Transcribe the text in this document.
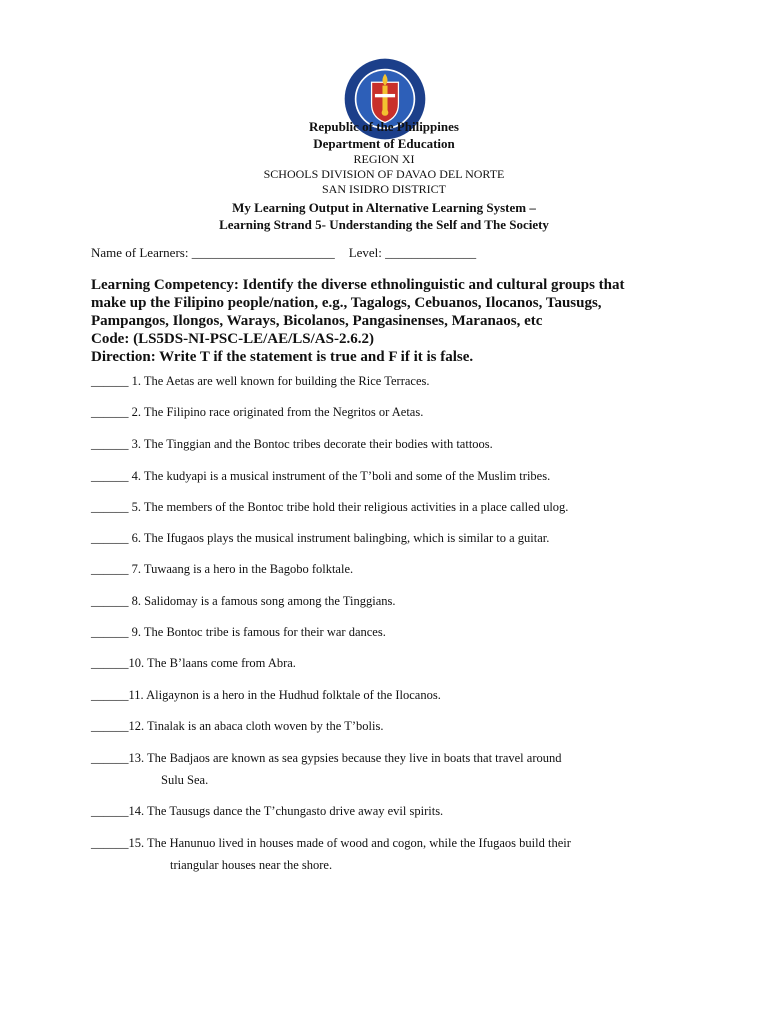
Republic of the Philippines
Department of Education
REGION XI
SCHOOLS DIVISION OF DAVAO DEL NORTE
SAN ISIDRO DISTRICT
My Learning Output in Alternative Learning System –
Learning Strand 5- Understanding the Self and The Society
Name of Learners: ______________________ Level: ______________
Learning Competency: Identify the diverse ethnolinguistic and cultural groups that
make up the Filipino people/nation, e.g., Tagalogs, Cebuanos, Ilocanos, Tausugs,
Pampangos, Ilongos, Warays, Bicolanos, Pangasinenses, Maranaos, etc
Code: (LS5DS-NI-PSC-LE/AE/LS/AS-2.6.2)
Direction: Write T if the statement is true and F if it is false.
______ 1. The Aetas are well known for building the Rice Terraces.
______ 2. The Filipino race originated from the Negritos or Aetas.
______ 3. The Tinggian and the Bontoc tribes decorate their bodies with tattoos.
______ 4. The kudyapi is a musical instrument of the T’boli and some of the Muslim tribes.
______ 5. The members of the Bontoc tribe hold their religious activities in a place called ulog.
______ 6. The Ifugaos plays the musical instrument balingbing, which is similar to a guitar.
______ 7. Tuwaang is a hero in the Bagobo folktale.
______ 8. Salidomay is a famous song among the Tinggians.
______ 9. The Bontoc tribe is famous for their war dances.
______10. The B’laans come from Abra.
______11. Aligaynon is a hero in the Hudhud folktale of the Ilocanos.
______12. Tinalak is an abaca cloth woven by the T’bolis.
______13. The Badjaos are known as sea gypsies because they live in boats that travel around
Sulu Sea.
______14. The Tausugs dance the T’chungasto drive away evil spirits.
______15. The Hanunuo lived in houses made of wood and cogon, while the Ifugaos build their
triangular houses near the shore.
